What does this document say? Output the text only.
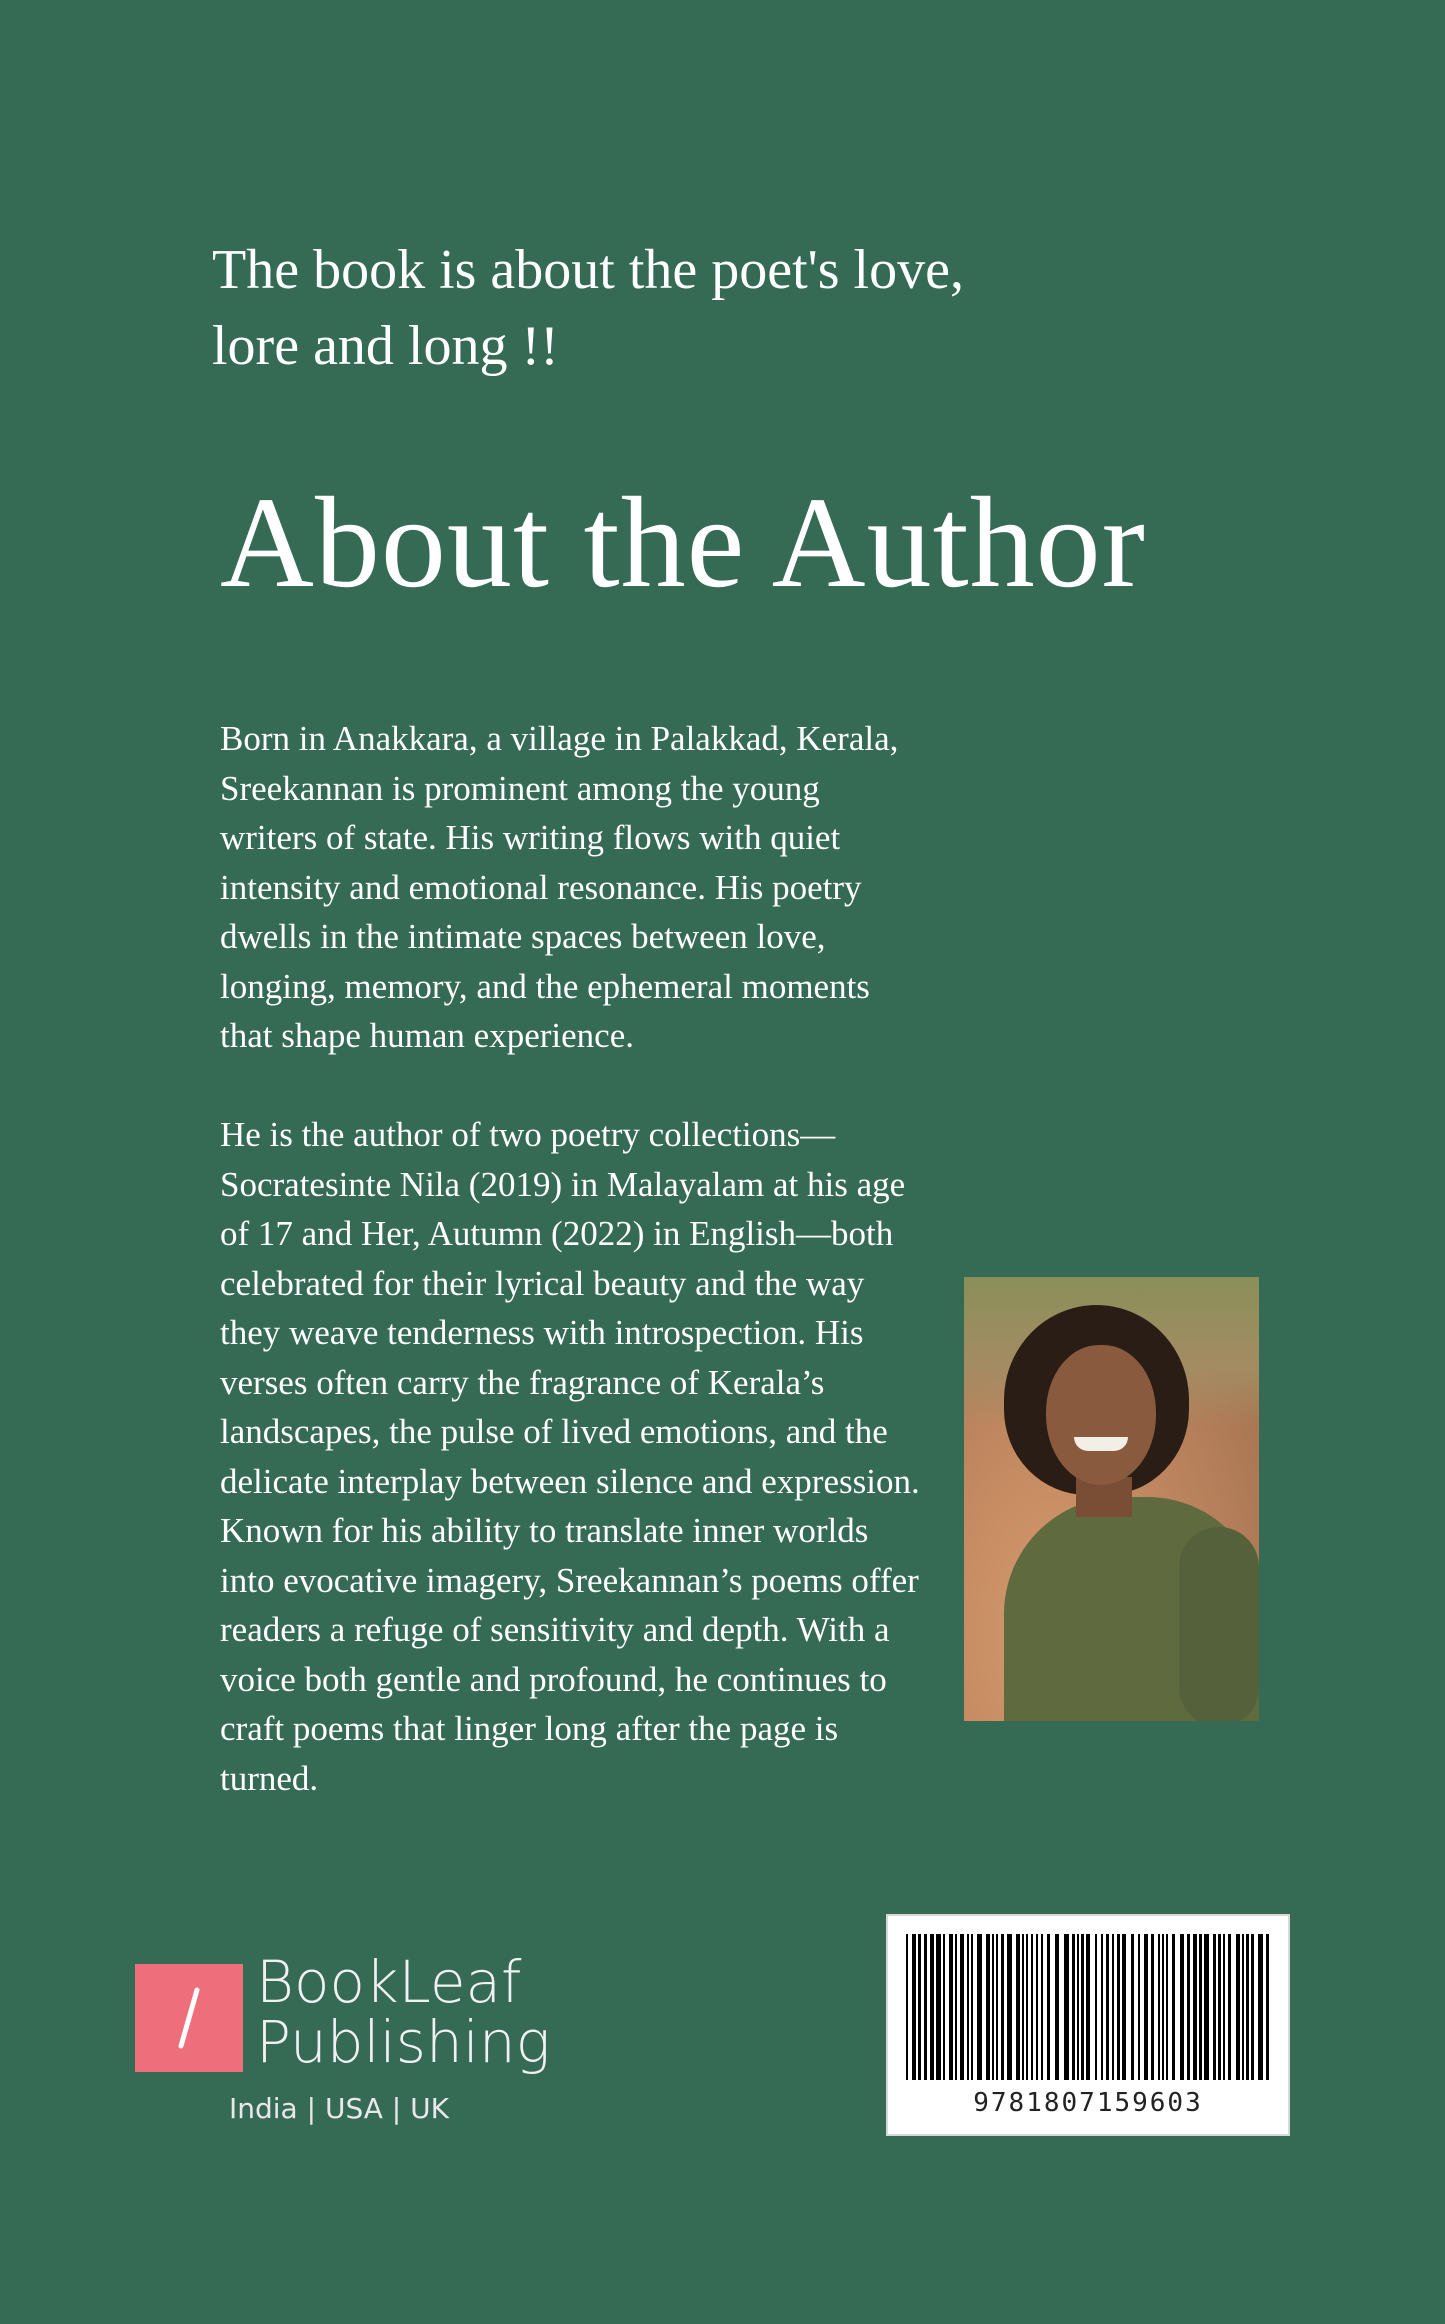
The book is about the poet's love,
lore and long !!
About the Author

Born in Anakkara, a village in Palakkad, Kerala, Sreekannan is prominent among the young writers of state. His writing flows with quiet intensity and emotional resonance. His poetry dwells in the intimate spaces between love, longing, memory, and the ephemeral moments that shape human experience.

He is the author of two poetry collections—Socratesinte Nila (2019) in Malayalam at his age of 17 and Her, Autumn (2022) in English—both celebrated for their lyrical beauty and the way they weave tenderness with introspection. His verses often carry the fragrance of Kerala’s landscapes, the pulse of lived emotions, and the delicate interplay between silence and expression. Known for his ability to translate inner worlds into evocative imagery, Sreekannan’s poems offer readers a refuge of sensitivity and depth. With a voice both gentle and profound, he continues to craft poems that linger long after the page is turned.

BookLeaf
Publishing
India | USA | UK	9781807159603
